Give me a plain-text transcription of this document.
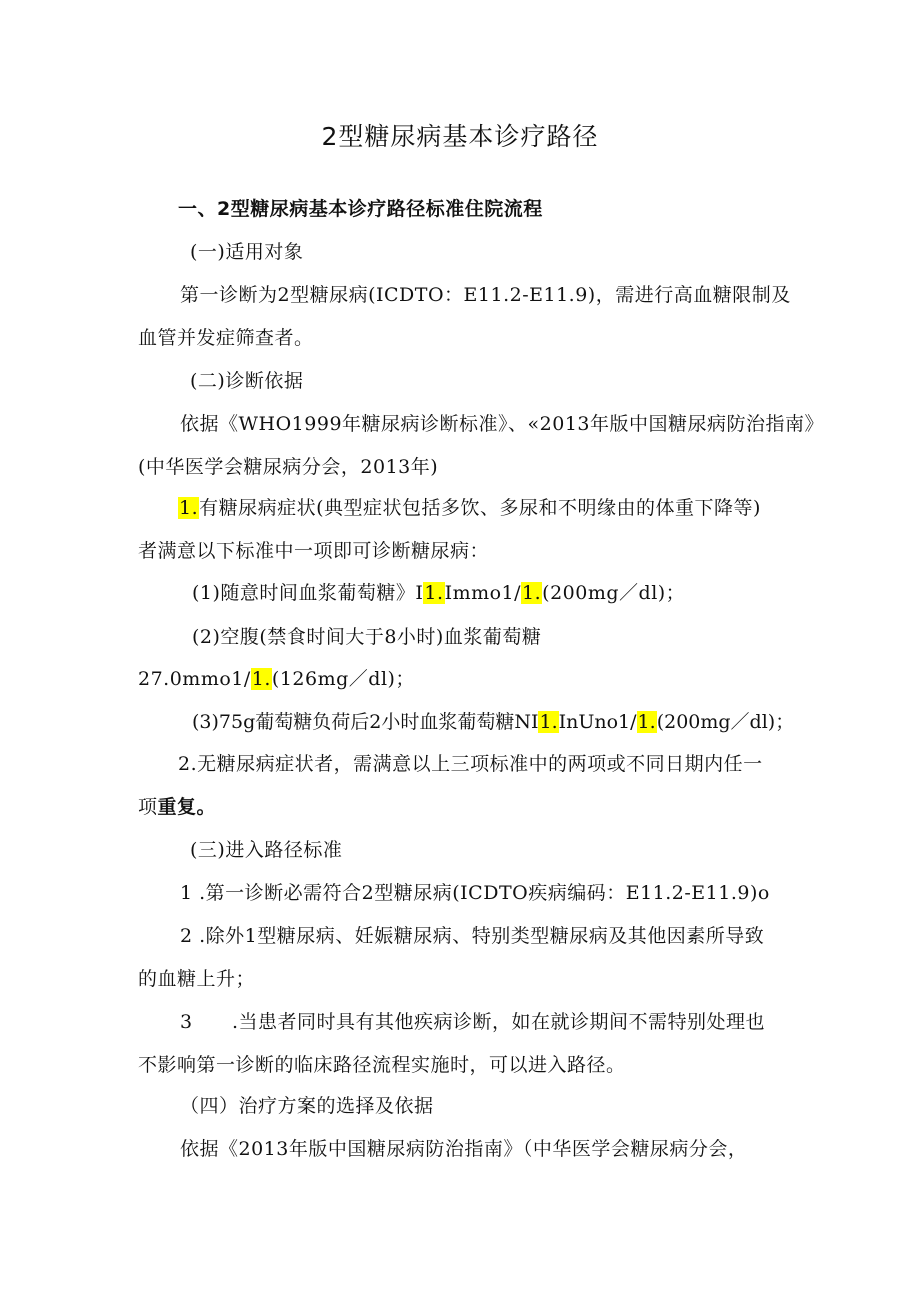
2型糖尿病基本诊疗路径
一、2型糖尿病基本诊疗路径标准住院流程
(一)适用对象
第一诊断为2型糖尿病(ICDTO：E11.2-E11.9)，需进行高血糖限制及
血管并发症筛查者。
(二)诊断依据
依据《WHO1999年糖尿病诊断标准》、«2013年版中国糖尿病防治指南》
(中华医学会糖尿病分会，2013年)
1.有糖尿病症状(典型症状包括多饮、多尿和不明缘由的体重下降等)
者满意以下标准中一项即可诊断糖尿病：
(1)随意时间血浆葡萄糖》I1.Immo1/1.(200mg／dl)；
(2)空腹(禁食时间大于8小时)血浆葡萄糖
27.0mmo1/1.(126mg／dl)；
(3)75g葡萄糖负荷后2小时血浆葡萄糖NI1.InUno1/1.(200mg／dl)；
2.无糖尿病症状者，需满意以上三项标准中的两项或不同日期内任一
项重复。
(三)进入路径标准
1 .第一诊断必需符合2型糖尿病(ICDTO疾病编码：E11.2-E11.9)o
2 .除外1型糖尿病、妊娠糖尿病、特别类型糖尿病及其他因素所导致
的血糖上升；
3 .当患者同时具有其他疾病诊断，如在就诊期间不需特别处理也
不影响第一诊断的临床路径流程实施时，可以进入路径。
（四）治疗方案的选择及依据
依据《2013年版中国糖尿病防治指南》（中华医学会糖尿病分会，
